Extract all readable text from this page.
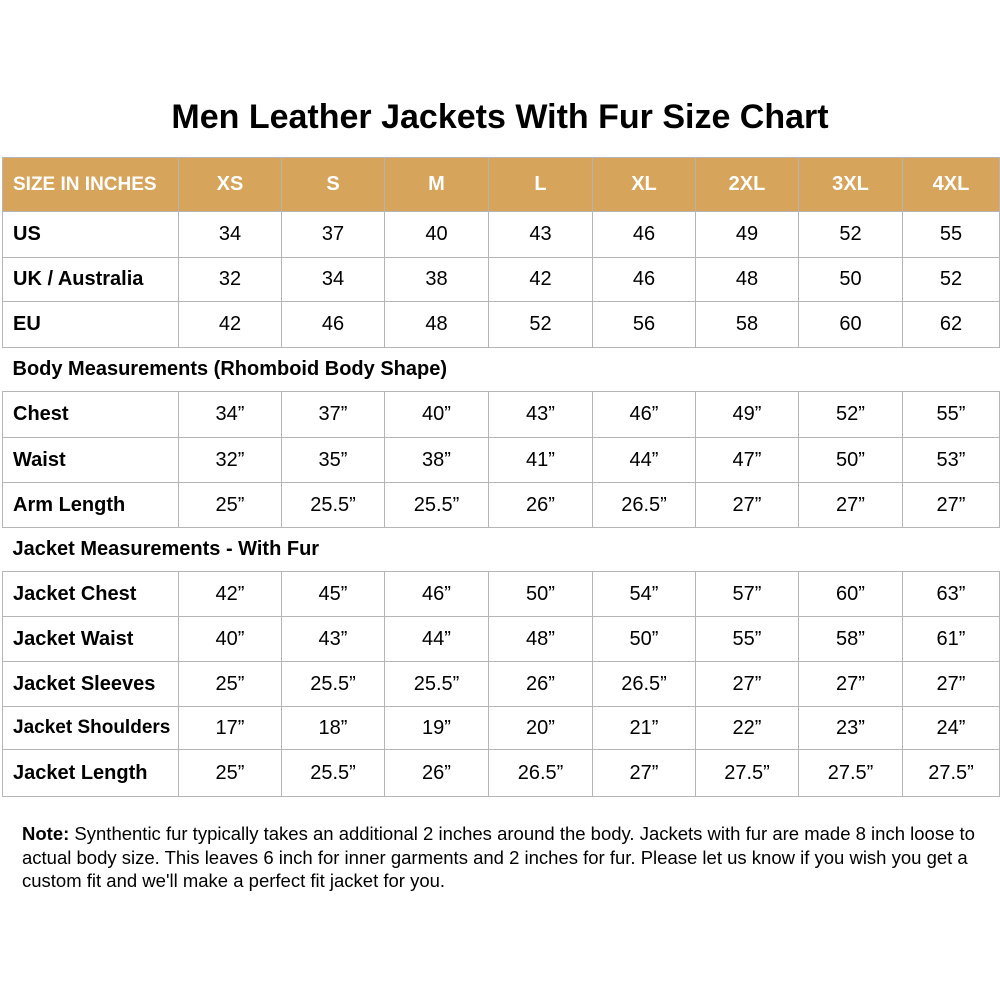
Men Leather Jackets With Fur Size Chart
SIZE IN INCHES	XS	S	M	L	XL	2XL	3XL	4XL
US	34	37	40	43	46	49	52	55
UK / Australia	32	34	38	42	46	48	50	52
EU	42	46	48	52	56	58	60	62
Body Measurements (Rhomboid Body Shape)								
Chest	34”	37”	40”	43”	46”	49”	52”	55”
Waist	32”	35”	38”	41”	44”	47”	50”	53”
Arm Length	25”	25.5”	25.5”	26”	26.5”	27”	27”	27”
Jacket Measurements - With Fur								
Jacket Chest	42”	45”	46”	50”	54”	57”	60”	63”
Jacket Waist	40”	43”	44”	48”	50”	55”	58”	61”
Jacket Sleeves	25”	25.5”	25.5”	26”	26.5”	27”	27”	27”
Jacket Shoulders	17”	18”	19”	20”	21”	22”	23”	24”
Jacket Length	25”	25.5”	26”	26.5”	27”	27.5”	27.5”	27.5”
Note: Synthentic fur typically takes an additional 2 inches around the body. Jackets with fur are made 8 inch loose to actual body size. This leaves 6 inch for inner garments and 2 inches for fur. Please let us know if you wish you get a custom fit and we'll make a perfect fit jacket for you.
